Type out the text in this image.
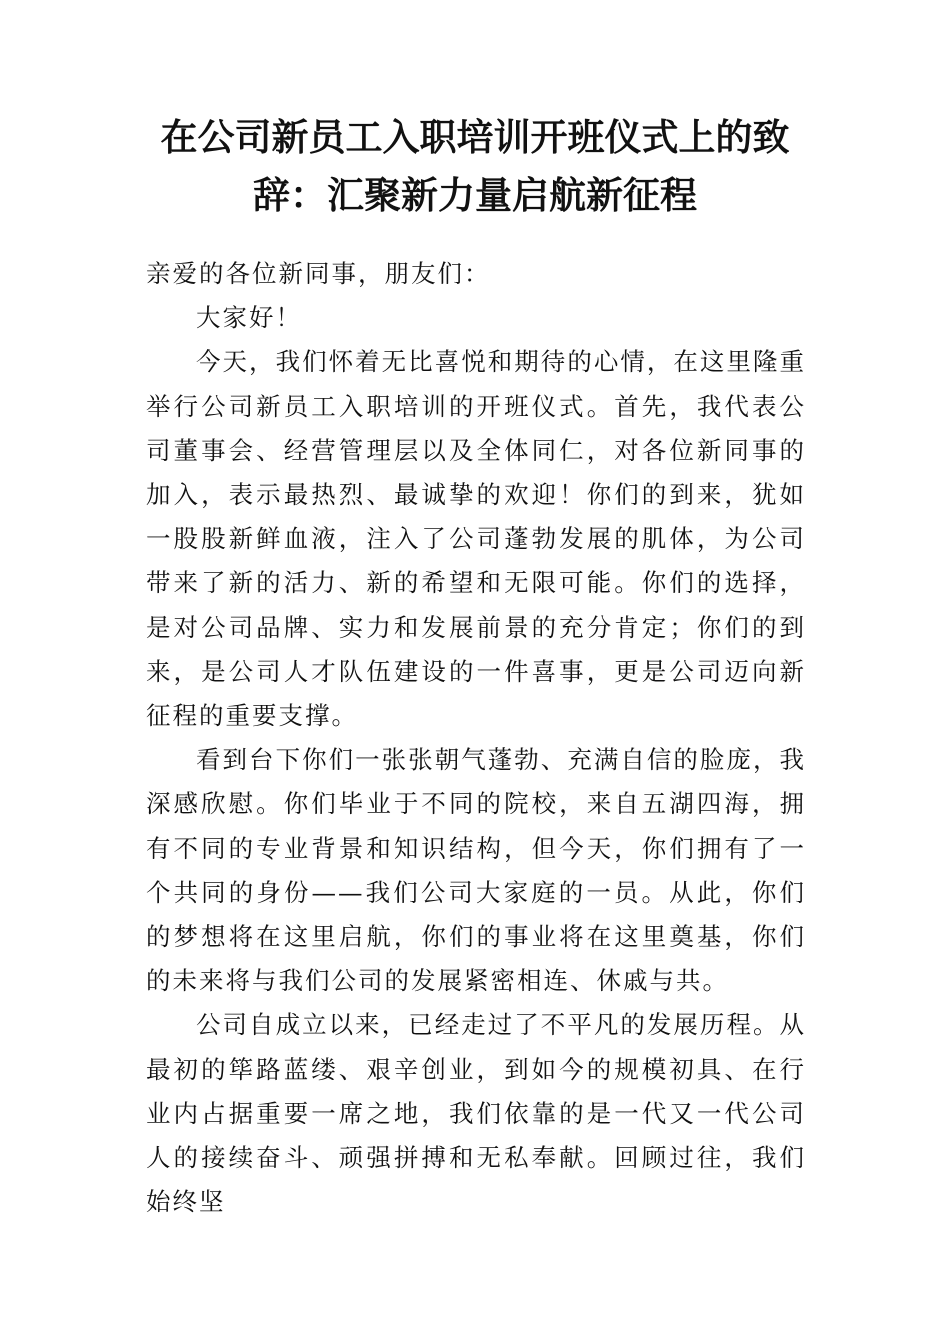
在公司新员工入职培训开班仪式上的致
辞：汇聚新力量启航新征程

亲爱的各位新同事，朋友们：

大家好！

今天，我们怀着无比喜悦和期待的心情，在这里隆重举行公司新员工入职培训的开班仪式。首先，我代表公司董事会、经营管理层以及全体同仁，对各位新同事的加入，表示最热烈、最诚挚的欢迎！你们的到来，犹如一股股新鲜血液，注入了公司蓬勃发展的肌体，为公司带来了新的活力、新的希望和无限可能。你们的选择，是对公司品牌、实力和发展前景的充分肯定；你们的到来，是公司人才队伍建设的一件喜事，更是公司迈向新征程的重要支撑。

看到台下你们一张张朝气蓬勃、充满自信的脸庞，我深感欣慰。你们毕业于不同的院校，来自五湖四海，拥有不同的专业背景和知识结构，但今天，你们拥有了一个共同的身份——我们公司大家庭的一员。从此，你们的梦想将在这里启航，你们的事业将在这里奠基，你们的未来将与我们公司的发展紧密相连、休戚与共。

公司自成立以来，已经走过了不平凡的发展历程。从最初的筚路蓝缕、艰辛创业，到如今的规模初具、在行业内占据重要一席之地，我们依靠的是一代又一代公司人的接续奋斗、顽强拼搏和无私奉献。回顾过往，我们始终坚
